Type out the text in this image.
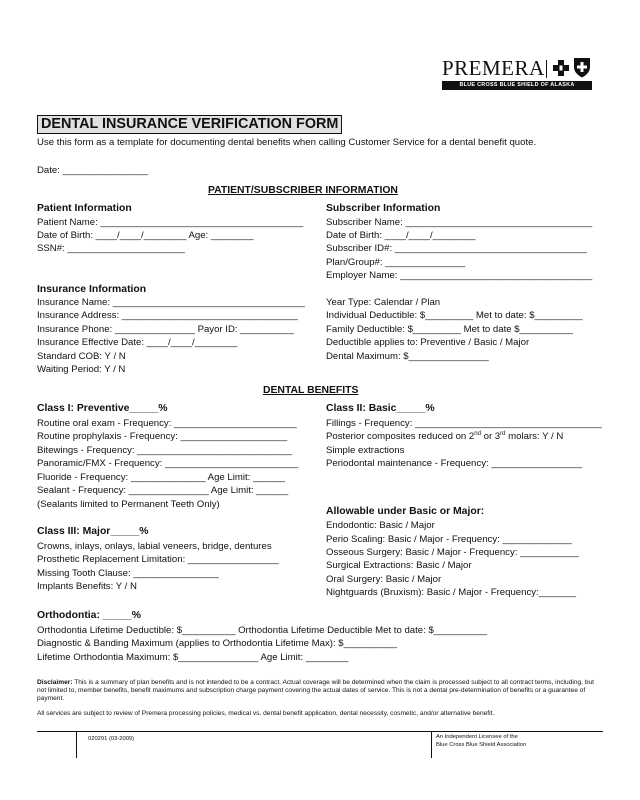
PREMERA
BLUE CROSS BLUE SHIELD OF ALASKA
DENTAL INSURANCE VERIFICATION FORM
Use this form as a template for documenting dental benefits when calling Customer Service for a dental benefit quote.
Date: ________________
PATIENT/SUBSCRIBER INFORMATION
Patient Information
Patient Name: ______________________________________
Date of Birth: ____/____/________ Age: ________
SSN#: ______________________
Subscriber Information
Subscriber Name: ___________________________________
Date of Birth: ____/____/________
Subscriber ID#: ____________________________________
Plan/Group#: _______________
Employer Name: ____________________________________
Insurance Information
Insurance Name: ____________________________________
Insurance Address: _________________________________
Insurance Phone: _______________ Payor ID: __________
Insurance Effective Date: ____/____/________
Standard COB: Y / N
Waiting Period: Y / N
Year Type: Calendar / Plan
Individual Deductible: $_________ Met to date: $_________
Family Deductible: $_________ Met to date $__________
Deductible applies to: Preventive / Basic / Major
Dental Maximum: $_______________
DENTAL BENEFITS
Class I: Preventive_____%
Routine oral exam - Frequency: _______________________
Routine prophylaxis - Frequency: ____________________
Bitewings - Frequency: _____________________________
Panoramic/FMX - Frequency: _________________________
Fluoride - Frequency: ______________ Age Limit: ______
Sealant - Frequency: _______________ Age Limit: ______
(Sealants limited to Permanent Teeth Only)
Class II: Basic_____%
Fillings - Frequency: ___________________________________
Posterior composites reduced on 2nd or 3rd molars: Y / N
Simple extractions
Periodontal maintenance - Frequency: _________________
Class III: Major_____%
Crowns, inlays, onlays, labial veneers, bridge, dentures
Prosthetic Replacement Limitation: _________________
Missing Tooth Clause: ________________
Implants Benefits: Y / N
Allowable under Basic or Major:
Endodontic: Basic / Major
Perio Scaling: Basic / Major - Frequency: _____________
Osseous Surgery: Basic / Major - Frequency: ___________
Surgical Extractions: Basic / Major
Oral Surgery: Basic / Major
Nightguards (Bruxism): Basic / Major - Frequency:_______
Orthodontia: _____%
Orthodontia Lifetime Deductible: $__________ Orthodontia Lifetime Deductible Met to date: $__________
Diagnostic & Banding Maximum (applies to Orthodontia Lifetime Max): $__________
Lifetime Orthodontia Maximum: $_______________ Age Limit: ________
Disclaimer: This is a summary of plan benefits and is not intended to be a contract. Actual coverage will be determined when the claim is processed subject to all contract terms, including, but not limited to, member benefits, benefit maximums and subscription charge payment covering the actual dates of service. This is not a dental pre-determination of benefits or a guarantee of payment.
All services are subject to review of Premera processing policies, medical vs. dental benefit application, dental necessity, cosmetic, and/or alternative benefit.
020291 (03-2009)	An Independent Licensee of the
Blue Cross Blue Shield Association
